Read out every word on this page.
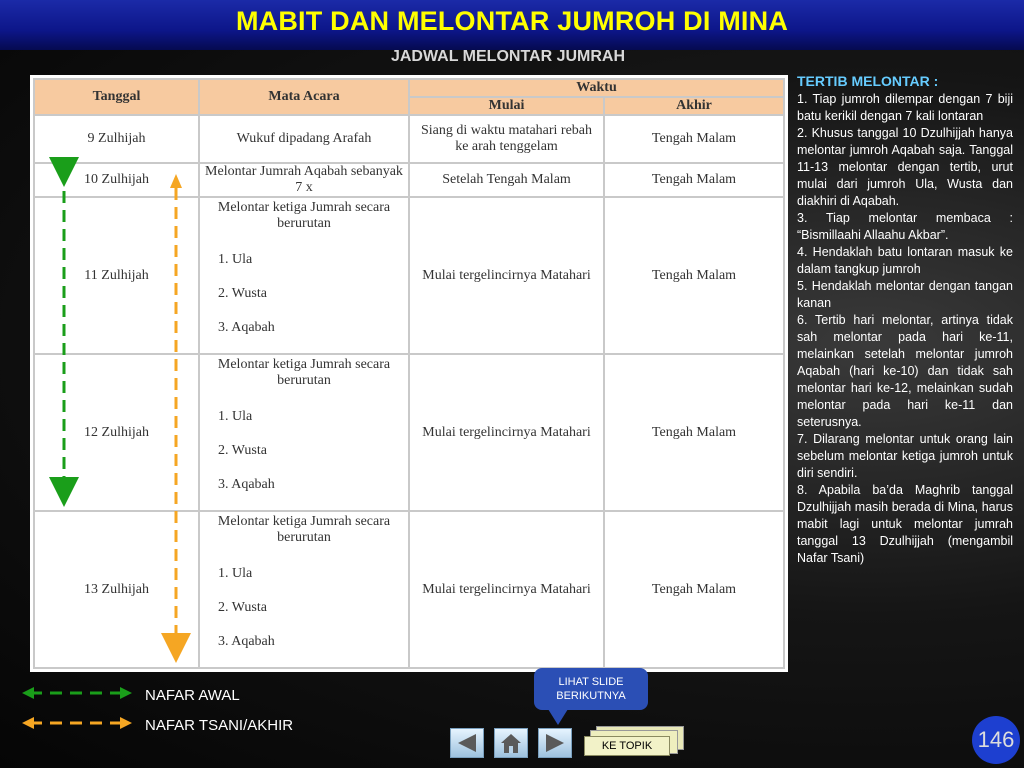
MABIT DAN MELONTAR JUMROH DI MINA
JADWAL MELONTAR JUMRAH
Tanggal	Mata Acara	Waktu	
		Mulai	Akhir
9 Zulhijah	Wukuf dipadang Arafah	Siang di waktu matahari rebah ke arah tenggelam	Tengah Malam
10 Zulhijah	Melontar Jumrah Aqabah sebanyak 7 x	Setelah Tengah Malam	Tengah Malam
11 Zulhijah	Melontar ketiga Jumrah secara berurutan
1. Ula
2. Wusta
3. Aqabah	Mulai tergelincirnya Matahari	Tengah Malam
12 Zulhijah	Melontar ketiga Jumrah secara berurutan
1. Ula
2. Wusta
3. Aqabah	Mulai tergelincirnya Matahari	Tengah Malam
13 Zulhijah	Melontar ketiga Jumrah secara berurutan
1. Ula
2. Wusta
3. Aqabah	Mulai tergelincirnya Matahari	Tengah Malam
TERTIB MELONTAR :
1. Tiap jumroh dilempar dengan 7 biji batu kerikil dengan 7 kali lontaran
2. Khusus tanggal 10 Dzulhijjah hanya melontar jumroh Aqabah saja. Tanggal 11-13 melontar dengan tertib, urut mulai dari jumroh Ula, Wusta dan diakhiri di Aqabah.
3. Tiap melontar membaca : “Bismillaahi Allaahu Akbar”.
4. Hendaklah batu lontaran masuk ke dalam tangkup jumroh
5. Hendaklah melontar dengan tangan kanan
6. Tertib hari melontar, artinya tidak sah melontar pada hari ke-11, melainkan setelah melontar jumroh Aqabah (hari ke-10) dan tidak sah melontar hari ke-12, melainkan sudah melontar pada hari ke-11 dan seterusnya.
7. Dilarang melontar untuk orang lain sebelum melontar ketiga jumroh untuk diri sendiri.
8. Apabila ba’da Maghrib tanggal Dzulhijjah masih berada di Mina, harus mabit lagi untuk melontar jumrah tanggal 13 Dzulhijjah (mengambil Nafar Tsani)
NAFAR AWAL
NAFAR TSANI/AKHIR
LIHAT SLIDE BERIKUTNYA
KE TOPIK	146
